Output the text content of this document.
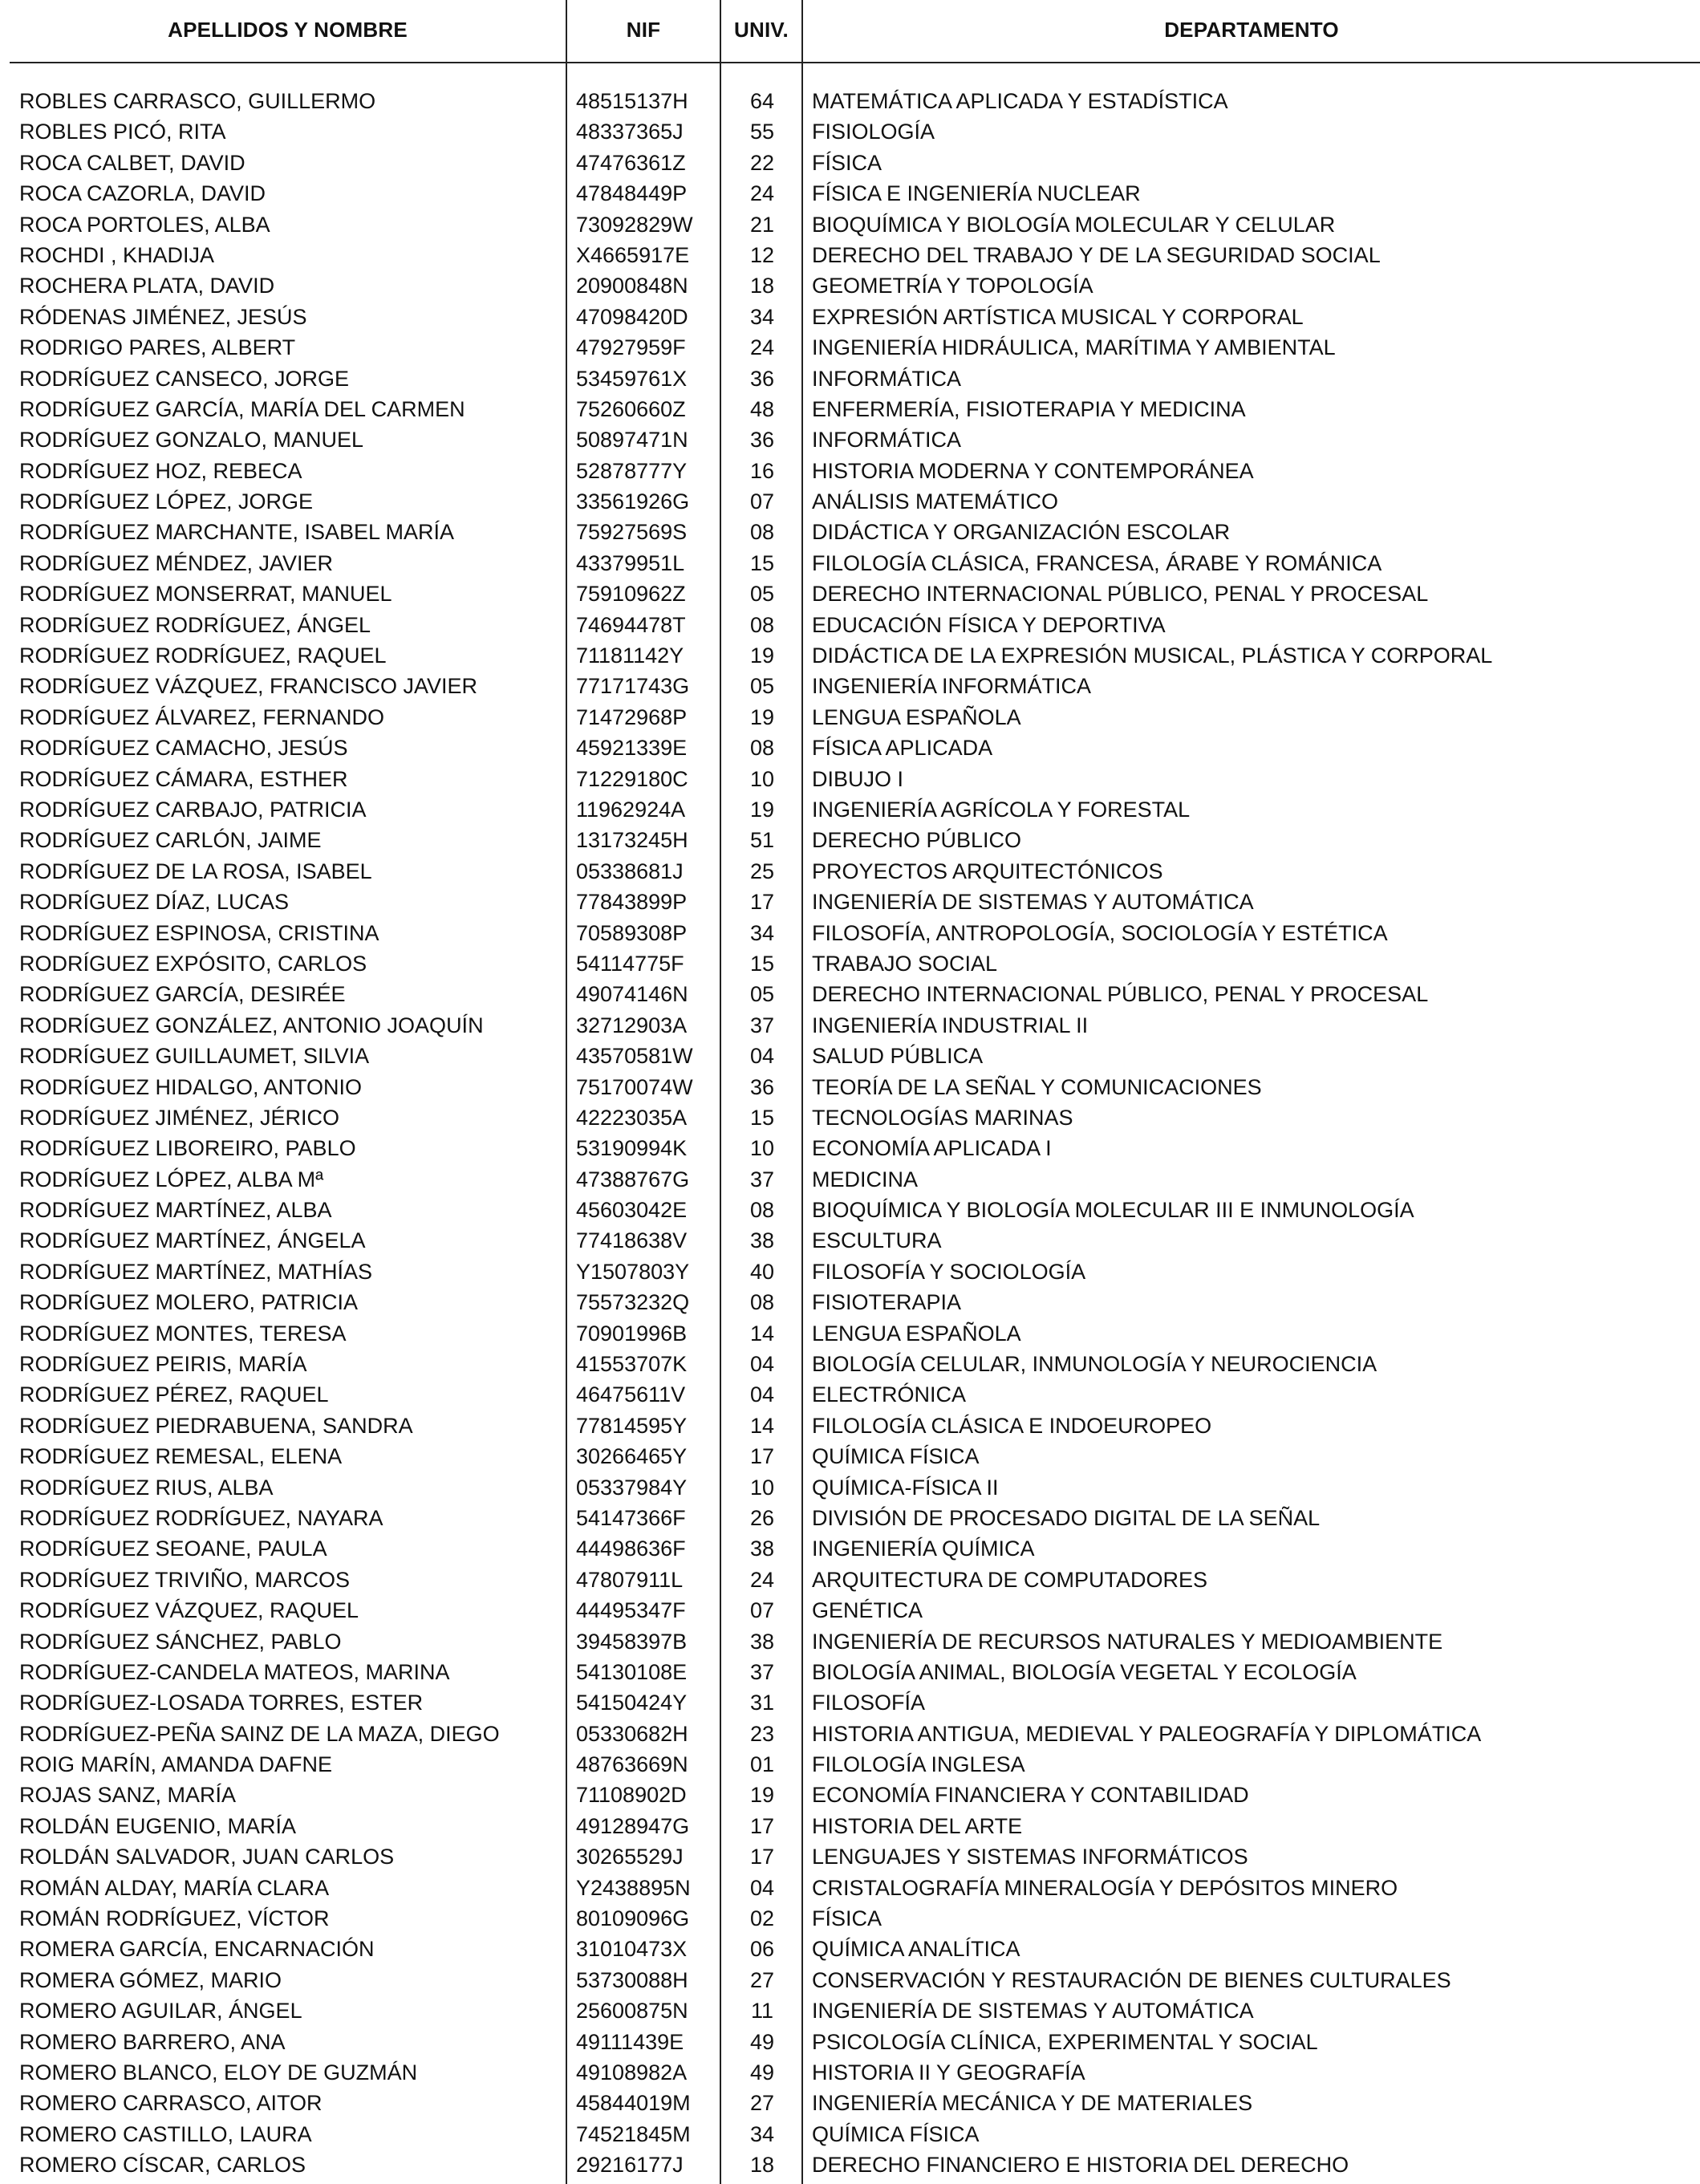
APELLIDOS Y NOMBRE	NIF	UNIV.	DEPARTAMENTO
ROBLES CARRASCO, GUILLERMO	48515137H	64	MATEMÁTICA APLICADA Y ESTADÍSTICA
ROBLES PICÓ, RITA	48337365J	55	FISIOLOGÍA
ROCA CALBET, DAVID	47476361Z	22	FÍSICA
ROCA CAZORLA, DAVID	47848449P	24	FÍSICA E INGENIERÍA NUCLEAR
ROCA PORTOLES, ALBA	73092829W	21	BIOQUÍMICA Y BIOLOGÍA MOLECULAR Y CELULAR
ROCHDI , KHADIJA	X4665917E	12	DERECHO DEL TRABAJO Y DE LA SEGURIDAD SOCIAL
ROCHERA PLATA, DAVID	20900848N	18	GEOMETRÍA Y TOPOLOGÍA
RÓDENAS JIMÉNEZ, JESÚS	47098420D	34	EXPRESIÓN ARTÍSTICA MUSICAL Y CORPORAL
RODRIGO PARES, ALBERT	47927959F	24	INGENIERÍA HIDRÁULICA, MARÍTIMA Y AMBIENTAL
RODRÍGUEZ CANSECO, JORGE	53459761X	36	INFORMÁTICA
RODRÍGUEZ GARCÍA, MARÍA DEL CARMEN	75260660Z	48	ENFERMERÍA, FISIOTERAPIA Y MEDICINA
RODRÍGUEZ GONZALO, MANUEL	50897471N	36	INFORMÁTICA
RODRÍGUEZ HOZ, REBECA	52878777Y	16	HISTORIA MODERNA Y CONTEMPORÁNEA
RODRÍGUEZ LÓPEZ, JORGE	33561926G	07	ANÁLISIS MATEMÁTICO
RODRÍGUEZ MARCHANTE, ISABEL MARÍA	75927569S	08	DIDÁCTICA Y ORGANIZACIÓN ESCOLAR
RODRÍGUEZ MÉNDEZ, JAVIER	43379951L	15	FILOLOGÍA CLÁSICA, FRANCESA, ÁRABE Y ROMÁNICA
RODRÍGUEZ MONSERRAT, MANUEL	75910962Z	05	DERECHO INTERNACIONAL PÚBLICO, PENAL Y PROCESAL
RODRÍGUEZ RODRÍGUEZ, ÁNGEL	74694478T	08	EDUCACIÓN FÍSICA Y DEPORTIVA
RODRÍGUEZ RODRÍGUEZ, RAQUEL	71181142Y	19	DIDÁCTICA DE LA EXPRESIÓN MUSICAL, PLÁSTICA Y CORPORAL
RODRÍGUEZ VÁZQUEZ, FRANCISCO JAVIER	77171743G	05	INGENIERÍA INFORMÁTICA
RODRÍGUEZ ÁLVAREZ, FERNANDO	71472968P	19	LENGUA ESPAÑOLA
RODRÍGUEZ CAMACHO, JESÚS	45921339E	08	FÍSICA APLICADA
RODRÍGUEZ CÁMARA, ESTHER	71229180C	10	DIBUJO I
RODRÍGUEZ CARBAJO, PATRICIA	11962924A	19	INGENIERÍA AGRÍCOLA Y FORESTAL
RODRÍGUEZ CARLÓN, JAIME	13173245H	51	DERECHO PÚBLICO
RODRÍGUEZ DE LA ROSA, ISABEL	05338681J	25	PROYECTOS ARQUITECTÓNICOS
RODRÍGUEZ DÍAZ, LUCAS	77843899P	17	INGENIERÍA DE SISTEMAS Y AUTOMÁTICA
RODRÍGUEZ ESPINOSA, CRISTINA	70589308P	34	FILOSOFÍA, ANTROPOLOGÍA, SOCIOLOGÍA Y ESTÉTICA
RODRÍGUEZ EXPÓSITO, CARLOS	54114775F	15	TRABAJO SOCIAL
RODRÍGUEZ GARCÍA, DESIRÉE	49074146N	05	DERECHO INTERNACIONAL PÚBLICO, PENAL Y PROCESAL
RODRÍGUEZ GONZÁLEZ, ANTONIO JOAQUÍN	32712903A	37	INGENIERÍA INDUSTRIAL II
RODRÍGUEZ GUILLAUMET, SILVIA	43570581W	04	SALUD PÚBLICA
RODRÍGUEZ HIDALGO, ANTONIO	75170074W	36	TEORÍA DE LA SEÑAL Y COMUNICACIONES
RODRÍGUEZ JIMÉNEZ, JÉRICO	42223035A	15	TECNOLOGÍAS MARINAS
RODRÍGUEZ LIBOREIRO, PABLO	53190994K	10	ECONOMÍA APLICADA I
RODRÍGUEZ LÓPEZ, ALBA Mª	47388767G	37	MEDICINA
RODRÍGUEZ MARTÍNEZ, ALBA	45603042E	08	BIOQUÍMICA Y BIOLOGÍA MOLECULAR III E INMUNOLOGÍA
RODRÍGUEZ MARTÍNEZ, ÁNGELA	77418638V	38	ESCULTURA
RODRÍGUEZ MARTÍNEZ, MATHÍAS	Y1507803Y	40	FILOSOFÍA Y SOCIOLOGÍA
RODRÍGUEZ MOLERO, PATRICIA	75573232Q	08	FISIOTERAPIA
RODRÍGUEZ MONTES, TERESA	70901996B	14	LENGUA ESPAÑOLA
RODRÍGUEZ PEIRIS, MARÍA	41553707K	04	BIOLOGÍA CELULAR, INMUNOLOGÍA Y NEUROCIENCIA
RODRÍGUEZ PÉREZ, RAQUEL	46475611V	04	ELECTRÓNICA
RODRÍGUEZ PIEDRABUENA, SANDRA	77814595Y	14	FILOLOGÍA CLÁSICA E INDOEUROPEO
RODRÍGUEZ REMESAL, ELENA	30266465Y	17	QUÍMICA FÍSICA
RODRÍGUEZ RIUS, ALBA	05337984Y	10	QUÍMICA-FÍSICA II
RODRÍGUEZ RODRÍGUEZ, NAYARA	54147366F	26	DIVISIÓN DE PROCESADO DIGITAL DE LA SEÑAL
RODRÍGUEZ SEOANE, PAULA	44498636F	38	INGENIERÍA QUÍMICA
RODRÍGUEZ TRIVIÑO, MARCOS	47807911L	24	ARQUITECTURA DE COMPUTADORES
RODRÍGUEZ VÁZQUEZ, RAQUEL	44495347F	07	GENÉTICA
RODRÍGUEZ SÁNCHEZ, PABLO	39458397B	38	INGENIERÍA DE RECURSOS NATURALES Y MEDIOAMBIENTE
RODRÍGUEZ-CANDELA MATEOS, MARINA	54130108E	37	BIOLOGÍA ANIMAL, BIOLOGÍA VEGETAL Y ECOLOGÍA
RODRÍGUEZ-LOSADA TORRES, ESTER	54150424Y	31	FILOSOFÍA
RODRÍGUEZ-PEÑA SAINZ DE LA MAZA, DIEGO	05330682H	23	HISTORIA ANTIGUA, MEDIEVAL Y PALEOGRAFÍA Y DIPLOMÁTICA
ROIG MARÍN, AMANDA DAFNE	48763669N	01	FILOLOGÍA INGLESA
ROJAS SANZ, MARÍA	71108902D	19	ECONOMÍA FINANCIERA Y CONTABILIDAD
ROLDÁN EUGENIO, MARÍA	49128947G	17	HISTORIA DEL ARTE
ROLDÁN SALVADOR, JUAN CARLOS	30265529J	17	LENGUAJES Y SISTEMAS INFORMÁTICOS
ROMÁN ALDAY, MARÍA CLARA	Y2438895N	04	CRISTALOGRAFÍA MINERALOGÍA Y DEPÓSITOS MINERO
ROMÁN RODRÍGUEZ, VÍCTOR	80109096G	02	FÍSICA
ROMERA GARCÍA, ENCARNACIÓN	31010473X	06	QUÍMICA ANALÍTICA
ROMERA GÓMEZ, MARIO	53730088H	27	CONSERVACIÓN Y RESTAURACIÓN DE BIENES CULTURALES
ROMERO AGUILAR, ÁNGEL	25600875N	11	INGENIERÍA DE SISTEMAS Y AUTOMÁTICA
ROMERO BARRERO, ANA	49111439E	49	PSICOLOGÍA CLÍNICA, EXPERIMENTAL Y SOCIAL
ROMERO BLANCO, ELOY DE GUZMÁN	49108982A	49	HISTORIA II Y GEOGRAFÍA
ROMERO CARRASCO, AITOR	45844019M	27	INGENIERÍA MECÁNICA Y DE MATERIALES
ROMERO CASTILLO, LAURA	74521845M	34	QUÍMICA FÍSICA
ROMERO CÍSCAR, CARLOS	29216177J	18	DERECHO FINANCIERO E HISTORIA DEL DERECHO
